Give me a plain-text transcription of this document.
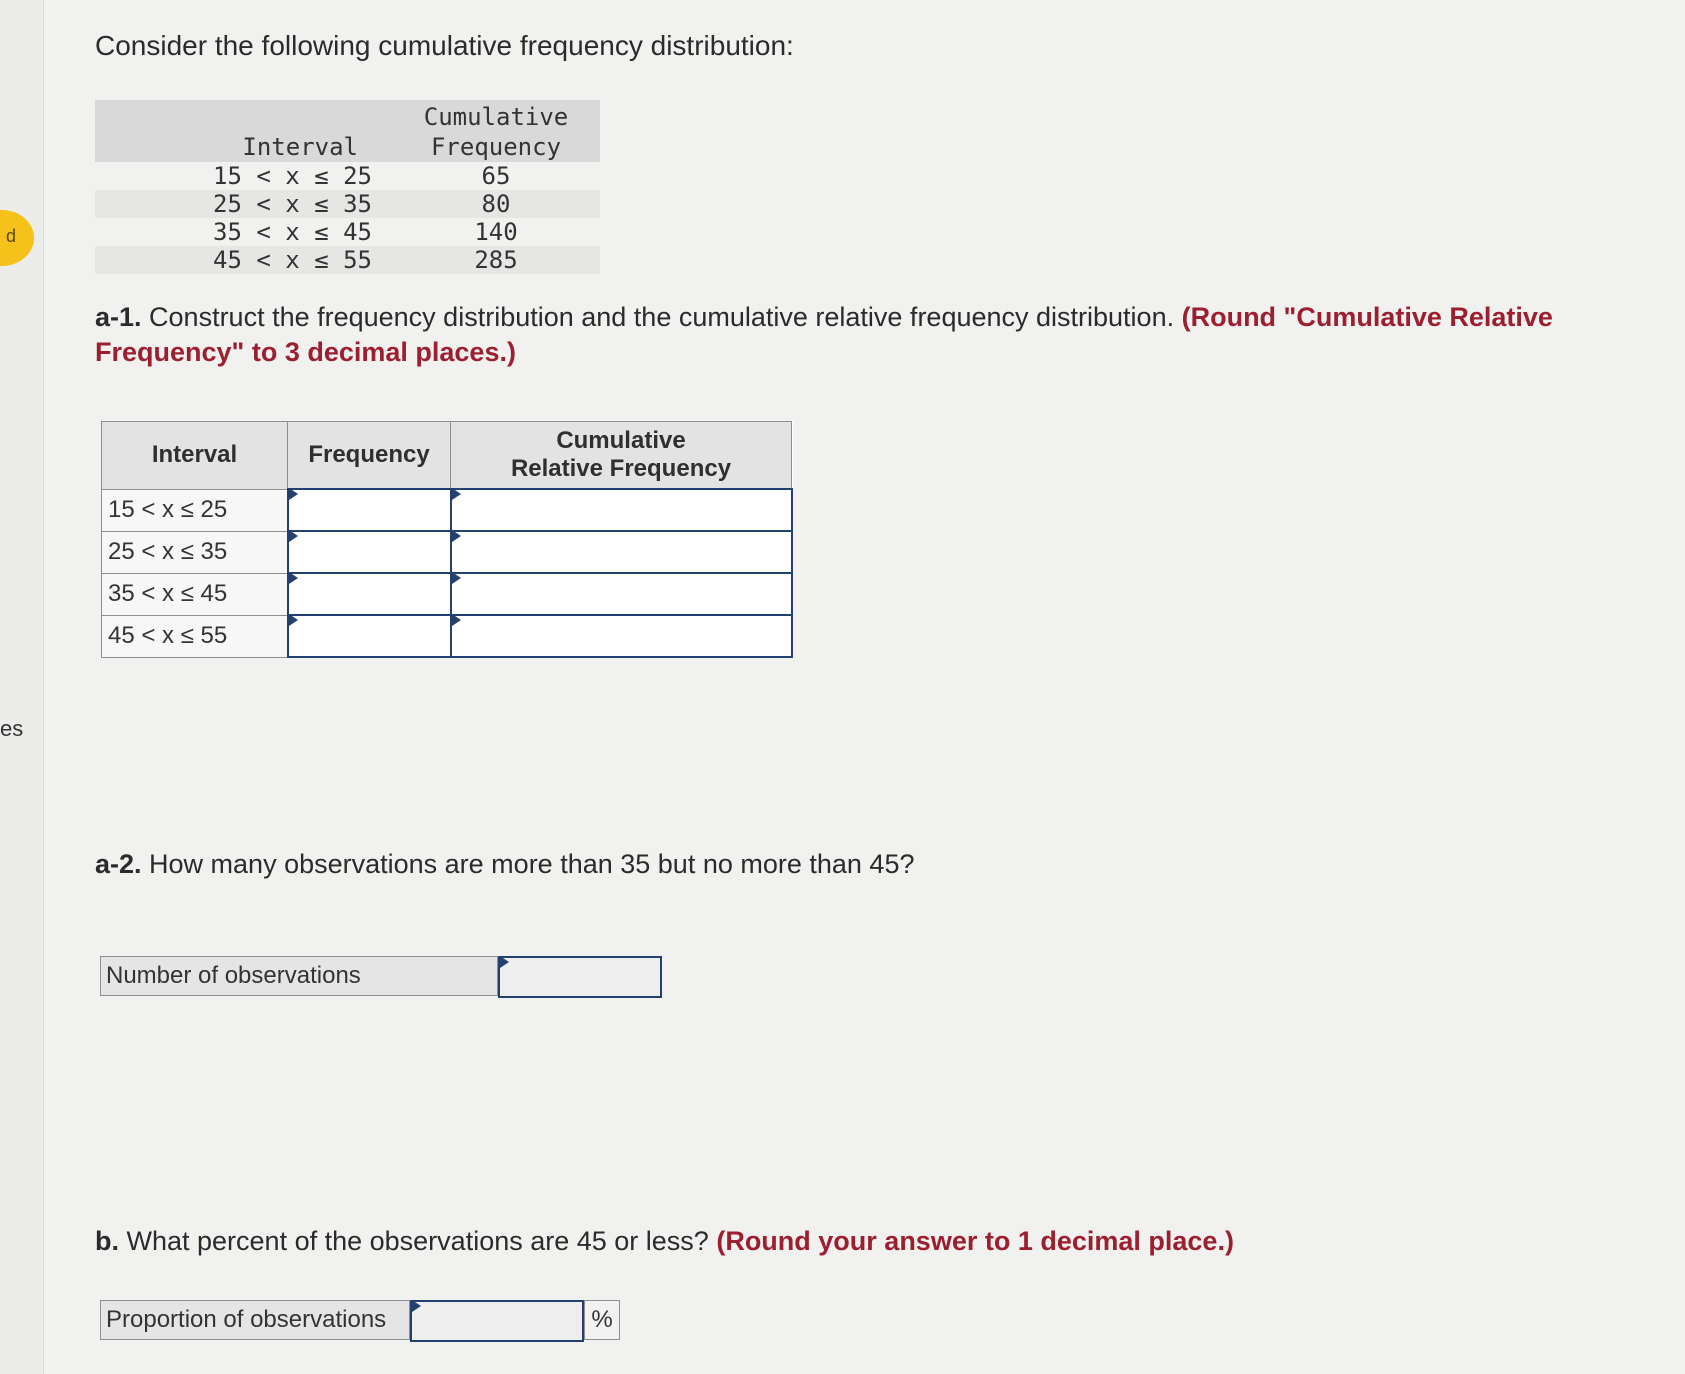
d
es
Consider the following cumulative frequency distribution:
Interval	Cumulative
Frequency
15 < x ≤ 25	65
25 < x ≤ 35	80
35 < x ≤ 45	140
45 < x ≤ 55	285
a-1. Construct the frequency distribution and the cumulative relative frequency distribution. (Round "Cumulative Relative Frequency" to 3 decimal places.)
Interval	Frequency	Cumulative
Relative Frequency
15 < x ≤ 25		
25 < x ≤ 35		
35 < x ≤ 45		
45 < x ≤ 55		
a-2. How many observations are more than 35 but no more than 45?
Number of observations
b. What percent of the observations are 45 or less? (Round your answer to 1 decimal place.)
Proportion of observations	%
